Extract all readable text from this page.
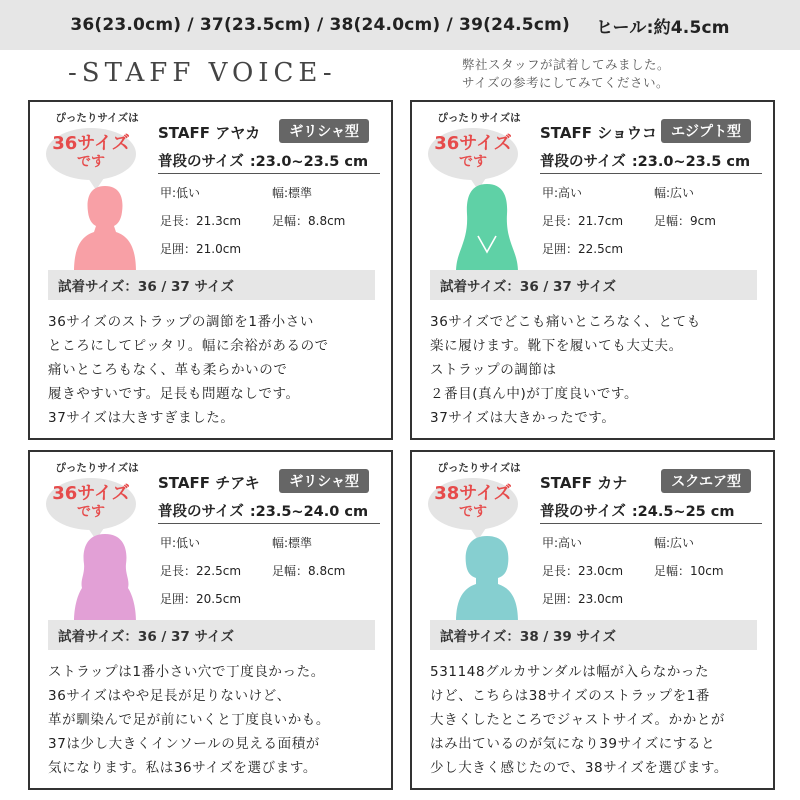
36(23.0cm) / 37(23.5cm) / 38(24.0cm) / 39(24.5cm) ヒール:約4.5cm
-STAFF VOICE-	弊社スタッフが試着してみました。
サイズの参考にしてみてください。
ぴったりサイズは
36サイズ
です
STAFF アヤカ	ギリシャ型
普段のサイズ :23.0~23.5 cm
甲:低い	幅:標準
足長：21.3cm	足幅：8.8cm
足囲：21.0cm
試着サイズ：36 / 37 サイズ
36サイズのストラップの調節を1番小さい
ところにしてピッタリ。幅に余裕があるので
痛いところもなく、革も柔らかいので
履きやすいです。足長も問題なしです。
37サイズは大きすぎました。
ぴったりサイズは
36サイズ
です
STAFF ショウコ	エジプト型
普段のサイズ :23.0~23.5 cm
甲:高い	幅:広い
足長：21.7cm	足幅：9cm
足囲：22.5cm
試着サイズ：36 / 37 サイズ
36サイズでどこも痛いところなく、とても
楽に履けます。靴下を履いても大丈夫。
ストラップの調節は
２番目(真ん中)が丁度良いです。
37サイズは大きかったです。
ぴったりサイズは
36サイズ
です
STAFF チアキ	ギリシャ型
普段のサイズ :23.5~24.0 cm
甲:低い	幅:標準
足長：22.5cm	足幅：8.8cm
足囲：20.5cm
試着サイズ：36 / 37 サイズ
ストラップは1番小さい穴で丁度良かった。
36サイズはやや足長が足りないけど、
革が馴染んで足が前にいくと丁度良いかも。
37は少し大きくインソールの見える面積が
気になります。私は36サイズを選びます。
ぴったりサイズは
38サイズ
です
STAFF カナ	スクエア型
普段のサイズ :24.5~25 cm
甲:高い	幅:広い
足長：23.0cm	足幅：10cm
足囲：23.0cm
試着サイズ：38 / 39 サイズ
531148グルカサンダルは幅が入らなかった
けど、こちらは38サイズのストラップを1番
大きくしたところでジャストサイズ。かかとが
はみ出ているのが気になり39サイズにすると
少し大きく感じたので、38サイズを選びます。
